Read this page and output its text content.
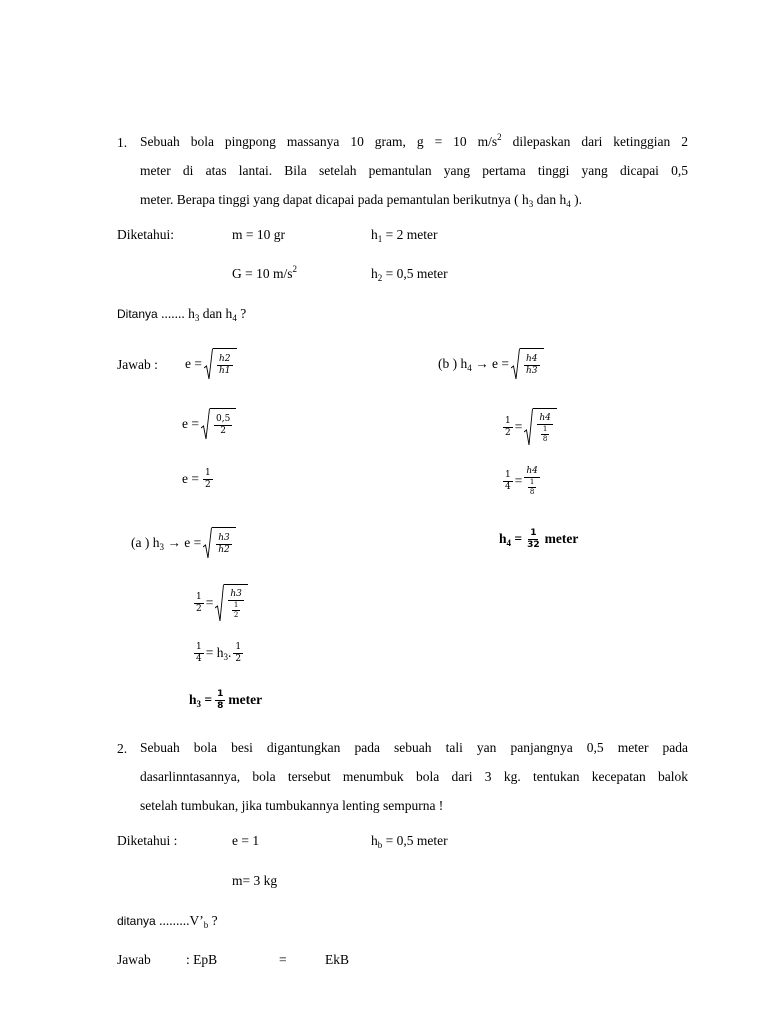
1. Sebuah bola pingpong massanya 10 gram, g = 10 $m/s^2$ dilepaskan dari ketinggian 2
meter di atas lantai. Bila setelah pemantulan yang pertama tinggi yang dicapai 0,5
meter. Berapa tinggi yang dapat dicapai pada pemantulan berikutnya ( $h_3$ dan $h_4$ ).
Diketahui:	m = 10 gr	$h_1 = 2$ meter
G = 10 $m/s^2$	$h_2 = 0,5$ meter
Ditanya ....... $h_3$ dan $h_4$ ?
Jawab : $e = \frac{\text{ℎ2}}{\text{ℎ1}}$
$e = \frac{0,5}{2}$
$e = \frac{1}{2}$
(a ) $h_3 \to e = \frac{\text{ℎ3}}{\text{ℎ2}}$
$\frac{1}{2} = \frac{\text{ℎ3}}{\frac{1}{2}}$
$\frac{1}{4} = h_3$. $\frac{1}{2}$
$h_3 = \frac{1}{8}$ meter
(b ) $h_4 \to e = \frac{\text{ℎ4}}{\text{ℎ3}}$
$\frac{1}{2} = \frac{\text{ℎ4}}{\frac{1}{8}}$
$\frac{1}{4} = \frac{\text{ℎ4}}{\frac{1}{8}}$
$h_4 = \frac{1}{32}$ meter
2. Sebuah bola besi digantungkan pada sebuah tali yan panjangnya 0,5 meter pada
dasarlinntasannya, bola tersebut menumbuk bola dari 3 kg. tentukan kecepatan balok
setelah tumbukan, jika tumbukannya lenting sempurna !
Diketahui :	e = 1	$h_b = 0,5$ meter
m= 3 kg
ditanya $.........V’_b$ ?
Jawab	: EpB	=	EkB
